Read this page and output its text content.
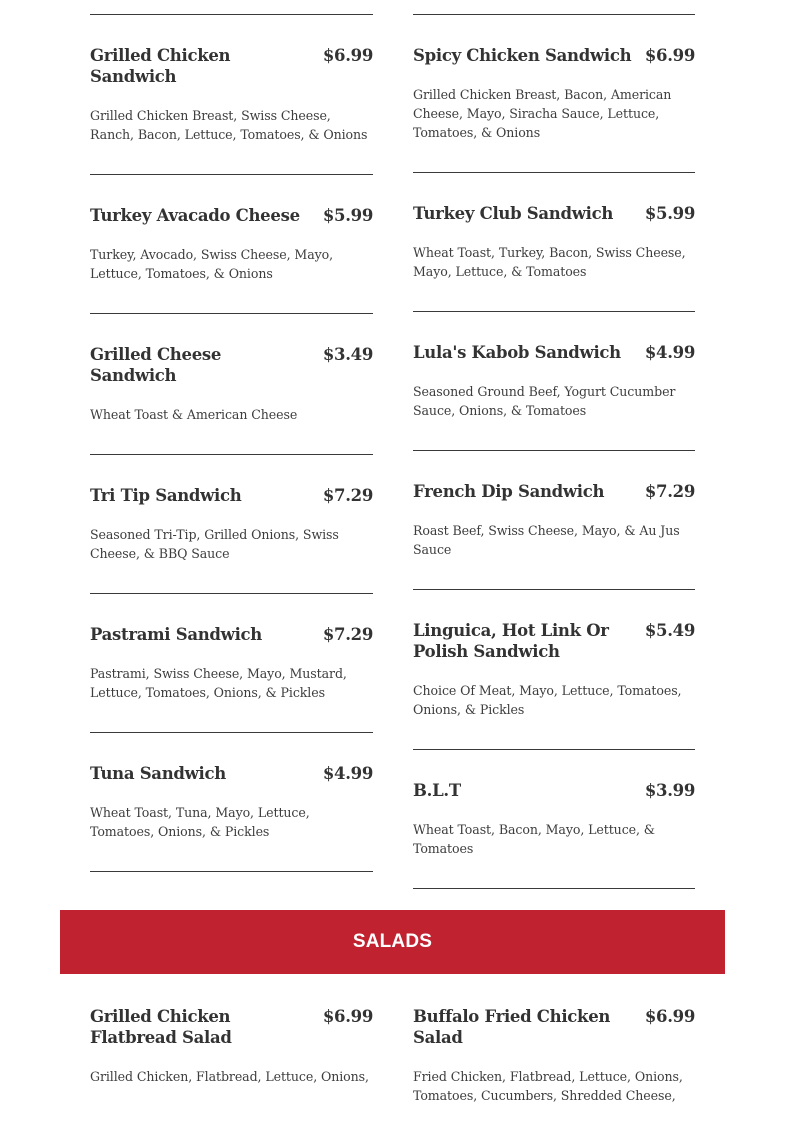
Grilled Chicken Sandwich
$6.99
Grilled Chicken Breast, Swiss Cheese, Ranch, Bacon, Lettuce, Tomatoes, & Onions
Turkey Avacado Cheese $5.99
Turkey, Avocado, Swiss Cheese, Mayo, Lettuce, Tomatoes, & Onions
Grilled Cheese Sandwich
$3.49
Wheat Toast & American Cheese
Tri Tip Sandwich	$7.29
Seasoned Tri-Tip, Grilled Onions, Swiss Cheese, & BBQ Sauce
Pastrami Sandwich	$7.29
Pastrami, Swiss Cheese, Mayo, Mustard, Lettuce, Tomatoes, Onions, & Pickles
Tuna Sandwich	$4.99
Wheat Toast, Tuna, Mayo, Lettuce, Tomatoes, Onions, & Pickles
Spicy Chicken Sandwich $6.99
Grilled Chicken Breast, Bacon, American Cheese, Mayo, Siracha Sauce, Lettuce, Tomatoes, & Onions
Turkey Club Sandwich $5.99
Wheat Toast, Turkey, Bacon, Swiss Cheese, Mayo, Lettuce, & Tomatoes
Lula's Kabob Sandwich $4.99
Seasoned Ground Beef, Yogurt Cucumber Sauce, Onions, & Tomatoes
French Dip Sandwich $7.29
Roast Beef, Swiss Cheese, Mayo, & Au Jus Sauce
Linguica, Hot Link Or Polish Sandwich
$5.49
Choice Of Meat, Mayo, Lettuce, Tomatoes, Onions, & Pickles
B.L.T	$3.99
Wheat Toast, Bacon, Mayo, Lettuce, & Tomatoes
SALADS
Grilled Chicken Flatbread Salad
$6.99
Grilled Chicken, Flatbread, Lettuce, Onions,
Buffalo Fried Chicken Salad
$6.99
Fried Chicken, Flatbread, Lettuce, Onions, Tomatoes, Cucumbers, Shredded Cheese,
